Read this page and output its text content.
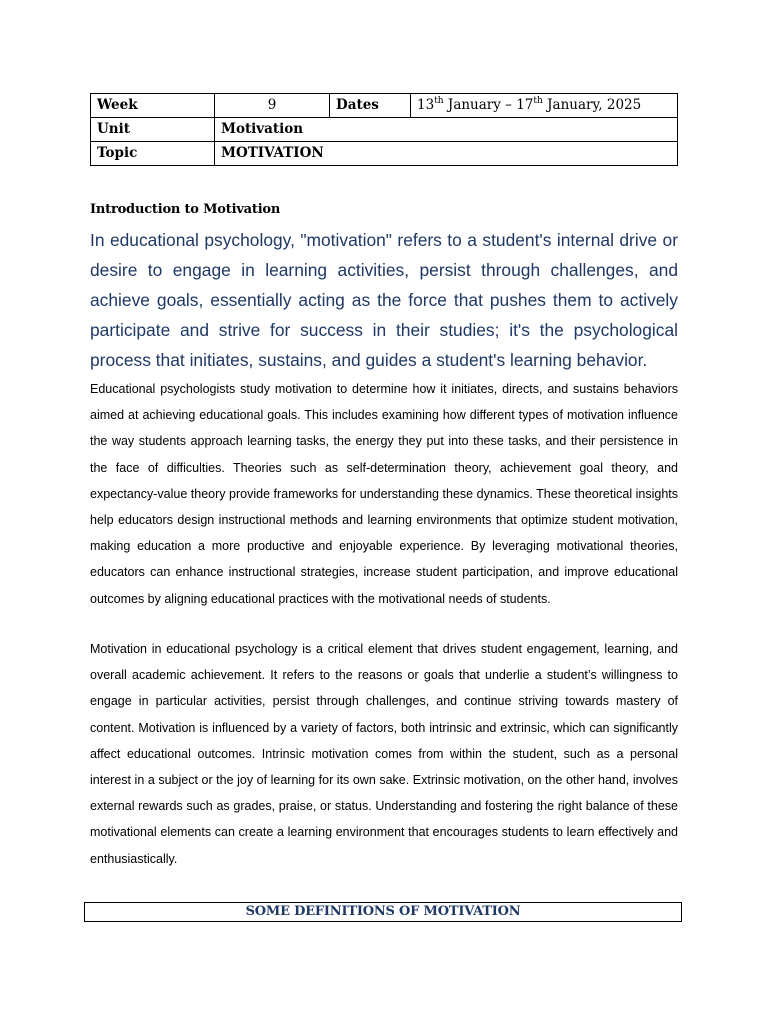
Week	9	Dates	13th January – 17th January, 2025
Unit	Motivation		
Topic	MOTIVATION		
Introduction to Motivation

In educational psychology, "motivation" refers to a student's internal drive or desire to engage in learning activities, persist through challenges, and achieve goals, essentially acting as the force that pushes them to actively participate and strive for success in their studies; it's the psychological process that initiates, sustains, and guides a student's learning behavior.

Educational psychologists study motivation to determine how it initiates, directs, and sustains behaviors aimed at achieving educational goals. This includes examining how different types of motivation influence the way students approach learning tasks, the energy they put into these tasks, and their persistence in the face of difficulties. Theories such as self-determination theory, achievement goal theory, and expectancy-value theory provide frameworks for understanding these dynamics. These theoretical insights help educators design instructional methods and learning environments that optimize student motivation, making education a more productive and enjoyable experience. By leveraging motivational theories, educators can enhance instructional strategies, increase student participation, and improve educational outcomes by aligning educational practices with the motivational needs of students.

Motivation in educational psychology is a critical element that drives student engagement, learning, and overall academic achievement. It refers to the reasons or goals that underlie a student’s willingness to engage in particular activities, persist through challenges, and continue striving towards mastery of content. Motivation is influenced by a variety of factors, both intrinsic and extrinsic, which can significantly affect educational outcomes. Intrinsic motivation comes from within the student, such as a personal interest in a subject or the joy of learning for its own sake. Extrinsic motivation, on the other hand, involves external rewards such as grades, praise, or status. Understanding and fostering the right balance of these motivational elements can create a learning environment that encourages students to learn effectively and enthusiastically.

SOME DEFINITIONS OF MOTIVATION
